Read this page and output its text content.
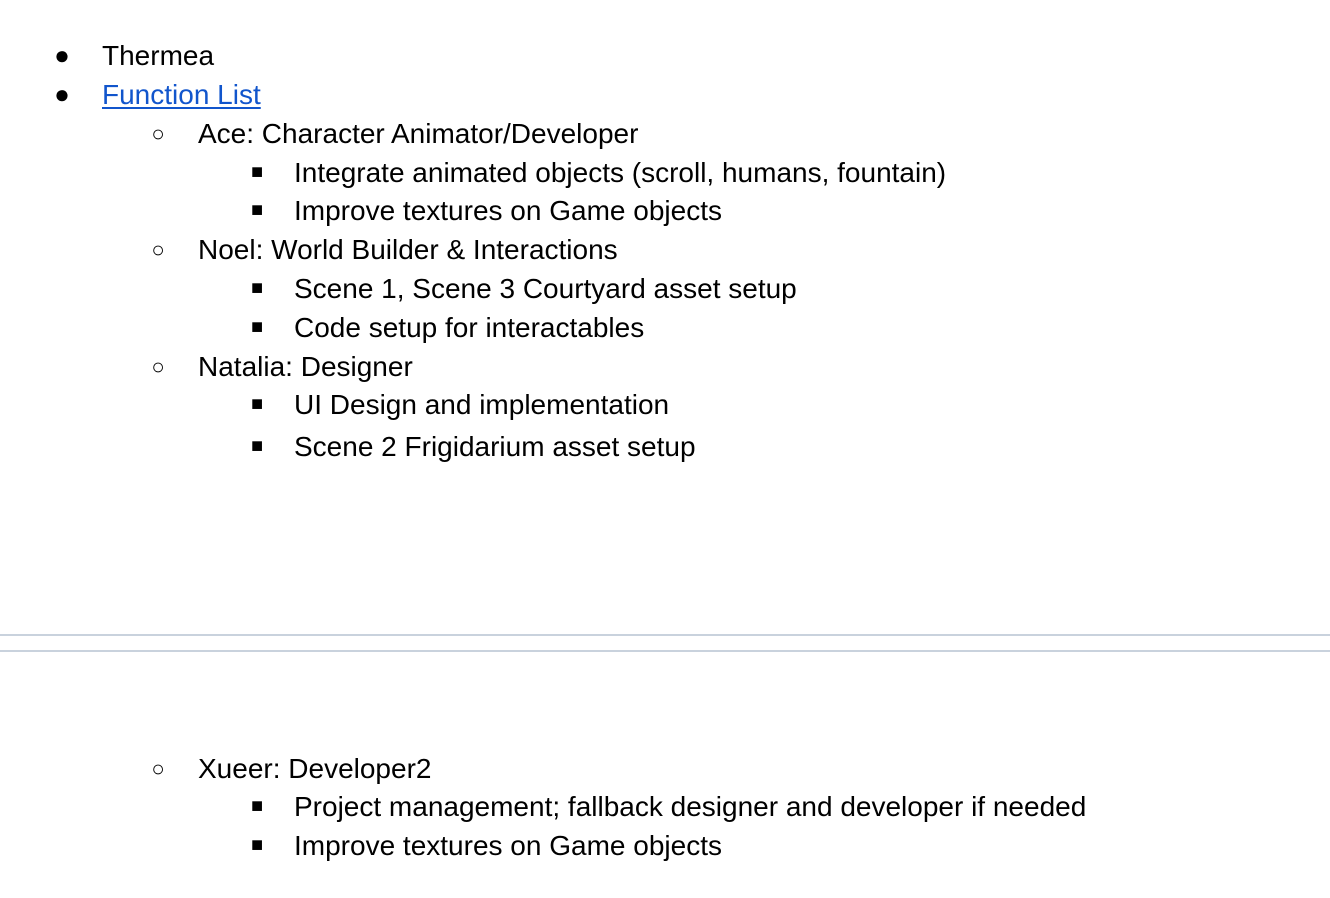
● Thermea
● Function List
○ Ace: Character Animator/Developer
■ Integrate animated objects (scroll, humans, fountain)
■ Improve textures on Game objects
○ Noel: World Builder & Interactions
■ Scene 1, Scene 3 Courtyard asset setup
■ Code setup for interactables
○ Natalia: Designer
■ UI Design and implementation
■ Scene 2 Frigidarium asset setup
○ Xueer: Developer2
■ Project management; fallback designer and developer if needed
■ Improve textures on Game objects
